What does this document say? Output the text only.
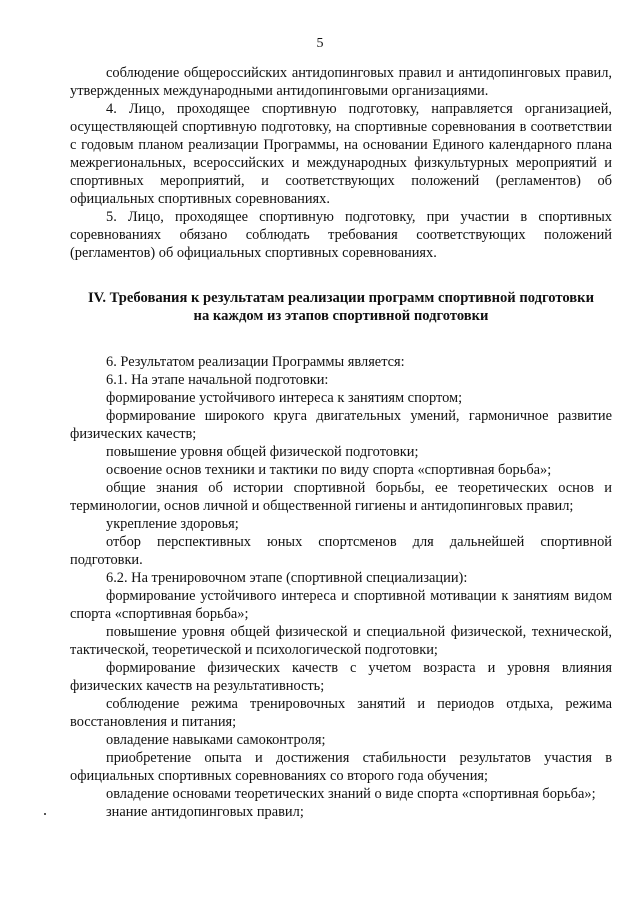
5

соблюдение общероссийских антидопинговых правил и антидопинговых правил, утвержденных международными антидопинговыми организациями.

4. Лицо, проходящее спортивную подготовку, направляется организацией, осуществляющей спортивную подготовку, на спортивные соревнования в соответствии с годовым планом реализации Программы, на основании Единого календарного плана межрегиональных, всероссийских и международных физкультурных мероприятий и спортивных мероприятий, и соответствующих положений (регламентов) об официальных спортивных соревнованиях.

5. Лицо, проходящее спортивную подготовку, при участии в спортивных соревнованиях обязано соблюдать требования соответствующих положений (регламентов) об официальных спортивных соревнованиях.

IV. Требования к результатам реализации программ спортивной подготовки
на каждом из этапов спортивной подготовки

6. Результатом реализации Программы является:

6.1. На этапе начальной подготовки:

формирование устойчивого интереса к занятиям спортом;

формирование широкого круга двигательных умений, гармоничное развитие физических качеств;

повышение уровня общей физической подготовки;

освоение основ техники и тактики по виду спорта «спортивная борьба»;

общие знания об истории спортивной борьбы, ее теоретических основ и терминологии, основ личной и общественной гигиены и антидопинговых правил;

укрепление здоровья;

отбор перспективных юных спортсменов для дальнейшей спортивной подготовки.

6.2. На тренировочном этапе (спортивной специализации):

формирование устойчивого интереса и спортивной мотивации к занятиям видом спорта «спортивная борьба»;

повышение уровня общей физической и специальной физической, технической, тактической, теоретической и психологической подготовки;

формирование физических качеств с учетом возраста и уровня влияния физических качеств на результативность;

соблюдение режима тренировочных занятий и периодов отдыха, режима восстановления и питания;

овладение навыками самоконтроля;

приобретение опыта и достижения стабильности результатов участия в официальных спортивных соревнованиях со второго года обучения;

овладение основами теоретических знаний о виде спорта «спортивная борьба»;

знание антидопинговых правил;
